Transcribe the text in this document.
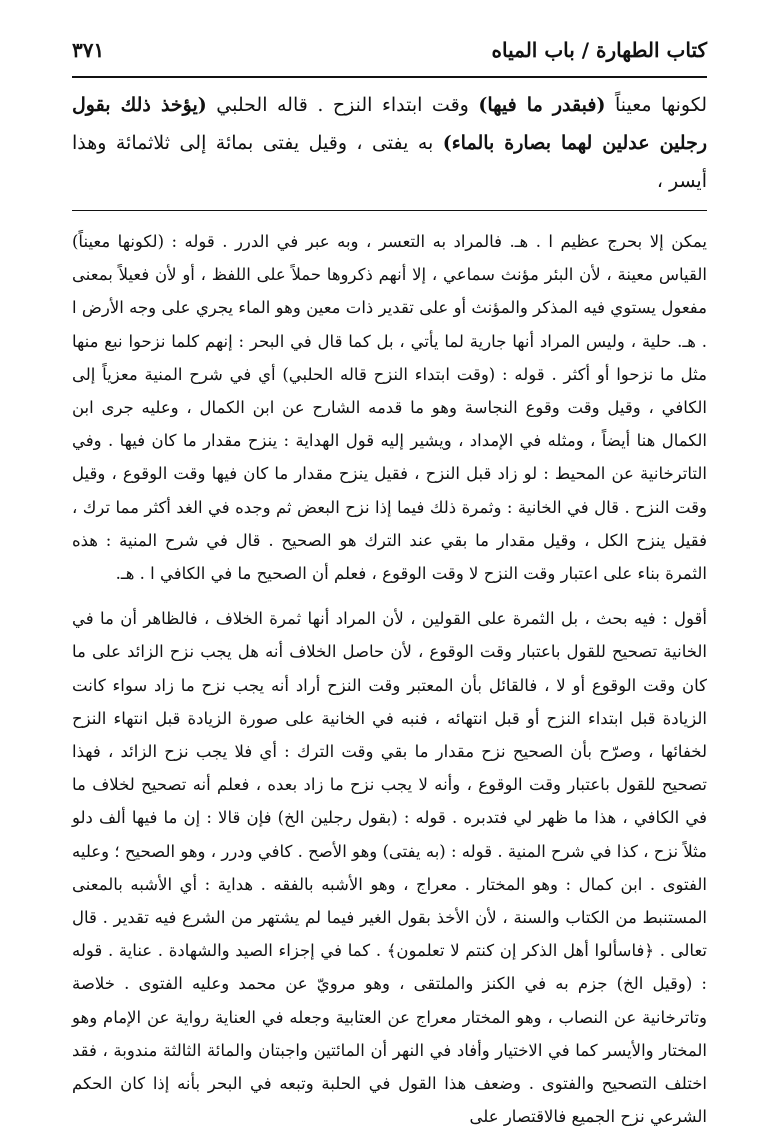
كتاب الطهارة / باب المياه
٣٧١

لكونها معيناً (فبقدر ما فيها) وقت ابتداء النزح . قاله الحلبي (يؤخذ ذلك بقول رجلين عدلين لهما بصارة بالماء) به يفتى ، وقيل يفتى بمائة إلى ثلاثمائة وهذا أيسر ،

يمكن إلا بحرج عظيم ا . هـ. فالمراد به التعسر ، وبه عبر في الدرر . قوله : (لكونها معيناً) القياس معينة ، لأن البئر مؤنث سماعي ، إلا أنهم ذكروها حملاً على اللفظ ، أو لأن فعيلاً بمعنى مفعول يستوي فيه المذكر والمؤنث أو على تقدير ذات معين وهو الماء يجري على وجه الأرض ا . هـ. حلية ، وليس المراد أنها جارية لما يأتي ، بل كما قال في البحر : إنهم كلما نزحوا نبع منها مثل ما نزحوا أو أكثر . قوله : (وقت ابتداء النزح قاله الحلبي) أي في شرح المنية معزياً إلى الكافي ، وقيل وقت وقوع النجاسة وهو ما قدمه الشارح عن ابن الكمال ، وعليه جرى ابن الكمال هنا أيضاً ، ومثله في الإمداد ، ويشير إليه قول الهداية : ينزح مقدار ما كان فيها . وفي التاترخانية عن المحيط : لو زاد قبل النزح ، فقيل ينزح مقدار ما كان فيها وقت الوقوع ، وقيل وقت النزح . قال في الخانية : وثمرة ذلك فيما إذا نزح البعض ثم وجده في الغد أكثر مما ترك ، فقيل ينزح الكل ، وقيل مقدار ما بقي عند الترك هو الصحيح . قال في شرح المنية : هذه الثمرة بناء على اعتبار وقت النزح لا وقت الوقوع ، فعلم أن الصحيح ما في الكافي ا . هـ.

أقول : فيه بحث ، بل الثمرة على القولين ، لأن المراد أنها ثمرة الخلاف ، فالظاهر أن ما في الخانية تصحيح للقول باعتبار وقت الوقوع ، لأن حاصل الخلاف أنه هل يجب نزح الزائد على ما كان وقت الوقوع أو لا ، فالقائل بأن المعتبر وقت النزح أراد أنه يجب نزح ما زاد سواء كانت الزيادة قبل ابتداء النزح أو قبل انتهائه ، فنبه في الخانية على صورة الزيادة قبل انتهاء النزح لخفائها ، وصرّح بأن الصحيح نزح مقدار ما بقي وقت الترك : أي فلا يجب نزح الزائد ، فهذا تصحيح للقول باعتبار وقت الوقوع ، وأنه لا يجب نزح ما زاد بعده ، فعلم أنه تصحيح لخلاف ما في الكافي ، هذا ما ظهر لي فتدبره . قوله : (بقول رجلين الخ) فإن قالا : إن ما فيها ألف دلو مثلاً نزح ، كذا في شرح المنية . قوله : (به يفتى) وهو الأصح . كافي ودرر ، وهو الصحيح ؛ وعليه الفتوى . ابن كمال : وهو المختار . معراج ، وهو الأشبه بالفقه . هداية : أي الأشبه بالمعنى المستنبط من الكتاب والسنة ، لأن الأخذ بقول الغير فيما لم يشتهر من الشرع فيه تقدير . قال تعالى . ﴿فاسألوا أهل الذكر إن كنتم لا تعلمون﴾ . كما في إجزاء الصيد والشهادة . عناية . قوله : (وقيل الخ) جزم به في الكنز والملتقى ، وهو مرويّ عن محمد وعليه الفتوى . خلاصة وتاترخانية عن النصاب ، وهو المختار معراج عن العتابية وجعله في العناية رواية عن الإمام وهو المختار والأيسر كما في الاختيار وأفاد في النهر أن المائتين واجبتان والمائة الثالثة مندوبة ، فقد اختلف التصحيح والفتوى . وضعف هذا القول في الحلبة وتبعه في البحر بأنه إذا كان الحكم الشرعي نزح الجميع فالاقتصار على
